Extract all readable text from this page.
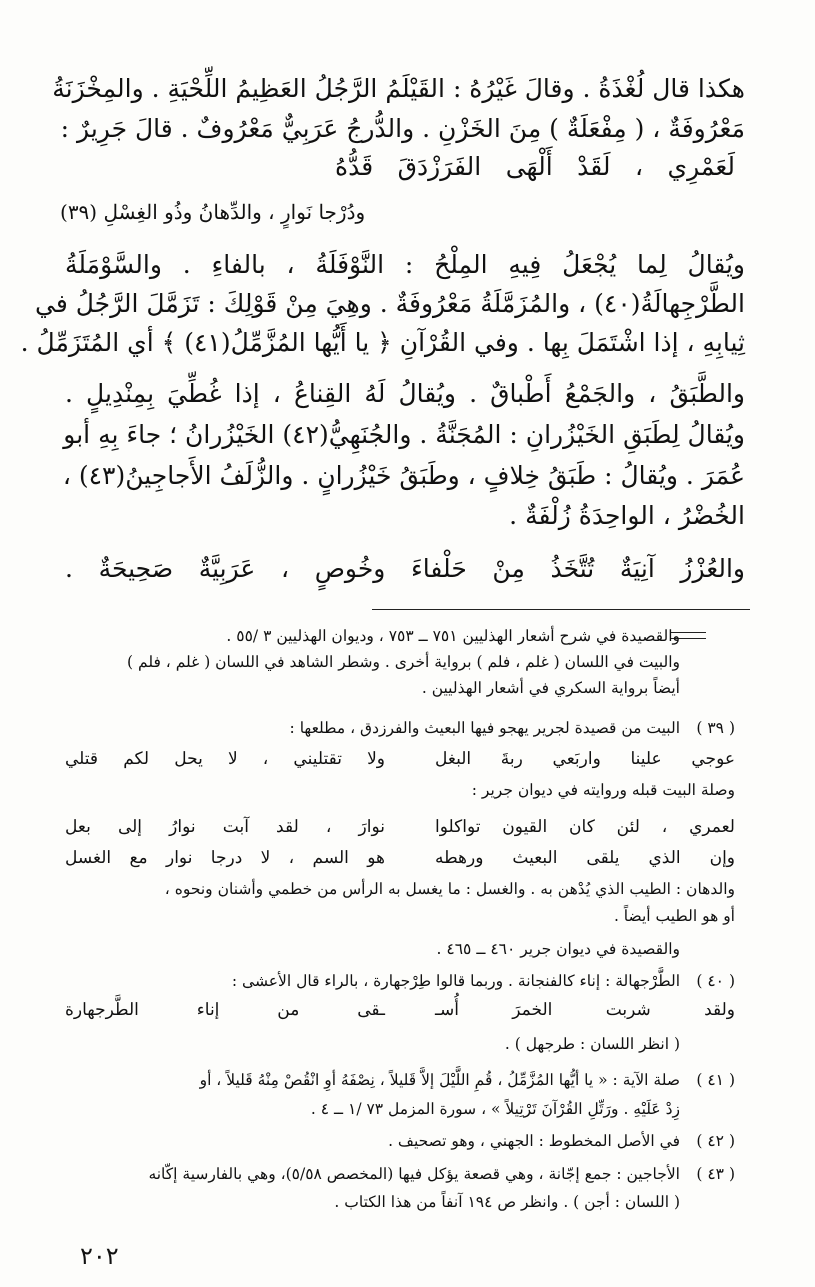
هكذا قال لُغْذَةُ . وقالَ غَيْرُهُ : القَيْلَمُ الرَّجُلُ العَظِيمُ اللِّحْيَةِ . والمِخْزَنَةُ
مَعْرُوفَةٌ ، ( مِفْعَلَةٌ ) مِنَ الخَزْنِ . والدُّرجُ عَرَبِيٌّ مَعْرُوفٌ . قالَ جَرِيرٌ :
لَعَمْرِي ، لَقَدْ أَلْهَى الفَرَزْدَقَ قَدُّهُ
ودُرْجا نَوارٍ ، والدِّهانُ وذُو الغِسْلِ (٣٩)
ويُقالُ لِما يُجْعَلُ فِيهِ المِلْحُ : النَّوْفَلَةُ ، بالفاءِ . والسَّوْمَلَةُ
الطَّرْجِهالَةُ(٤٠) ، والمُزَمَّلَةُ مَعْرُوفَةٌ . وهِيَ مِنْ قَوْلِكَ : تَزَمَّلَ الرَّجُلُ في
ثِيابِهِ ، إذا اشْتَمَلَ بِها . وفي القُرْآنِ ﴿ يا أَيُّها المُزَّمِّلُ(٤١) ﴾ أي المُتَزَمِّلُ .
والطَّبَقُ ، والجَمْعُ أَطْباقٌ . ويُقالُ لَهُ القِناعُ ، إذا غُطِّيَ بِمِنْدِيلٍ .
ويُقالُ لِطَبَقِ الخَيْزُرانِ : المُجَنَّةُ . والجُنَهِيُّ(٤٢) الخَيْزُرانُ ؛ جاءَ بِهِ أبو
عُمَرَ . ويُقالُ : طَبَقُ خِلافٍ ، وطَبَقُ خَيْزُرانٍ . والزُّلَفُ الأَجاجِينُ(٤٣) ،
الخُضْرُ ، الواحِدَةُ زُلْفَةٌ .
والعُزْزُ آنِيَةٌ تُتَّخَذُ مِنْ حَلْفاءَ وخُوصٍ ، عَرَبِيَّةٌ صَحِيحَةٌ .
والقصيدة في شرح أشعار الهذليين ٧٥١ ــ ٧٥٣ ، وديوان الهذليين ٣ /٥٥ .
والبيت في اللسان ( غلم ، فلم ) برواية أخرى . وشطر الشاهد في اللسان ( غلم ، فلم )
أيضاً برواية السكري في أشعار الهذليين .
( ٣٩ )
البيت من قصيدة لجرير يهجو فيها البعيث والفرزدق ، مطلعها :
عوجي علينا واربَعي ربةَ البغل
ولا تقتليني ، لا يحل لكم قتلي
وصلة البيت قبله وروايته في ديوان جرير :
لعمري ، لئن كان القيون تواكلوا
نوارَ ، لقد آبت نوارُ إلى بعل
وإن الذي يلقى البعيث ورهطه
هو السم ، لا درجا نوار مع الغسل
والدهان : الطيب الذي يُدْهن به . والغسل : ما يغسل به الرأس من خطمي وأشنان ونحوه ،
أو هو الطيب أيضاً .
والقصيدة في ديوان جرير ٤٦٠ ــ ٤٦٥ .
( ٤٠ )
الطَّرْجهالة : إناء كالفنجانة . وربما قالوا طِرْجهارة ، بالراء قال الأعشى :
ولقد شربت الخمرَ أُسـ
ـقى من إناء الطَّرجهارة
( انظر اللسان : طرجهل ) .
( ٤١ )
صلة الآية : « يا أيُّها المُزَّمِّلُ ، قُمِ اللَّيْلَ إلاَّ قَليلاً ، نِصْفَهُ أوِ انْقُصْ مِنْهُ قَليلاً ، أو
زِدْ عَلَيْهِ . ورَتِّلِ القُرْآنَ تَرْتِيلاً » ، سورة المزمل ٧٣ /١ ــ ٤ .
( ٤٢ )
في الأصل المخطوط : الجهني ، وهو تصحيف .
( ٤٣ )
الأجاجين : جمع إجّانة ، وهي قصعة يؤكل فيها (المخصص ٥/٥٨)، وهي بالفارسية إكّانه
( اللسان : أجن ) . وانظر ص ١٩٤ آنفاً من هذا الكتاب .
٢٠٢
